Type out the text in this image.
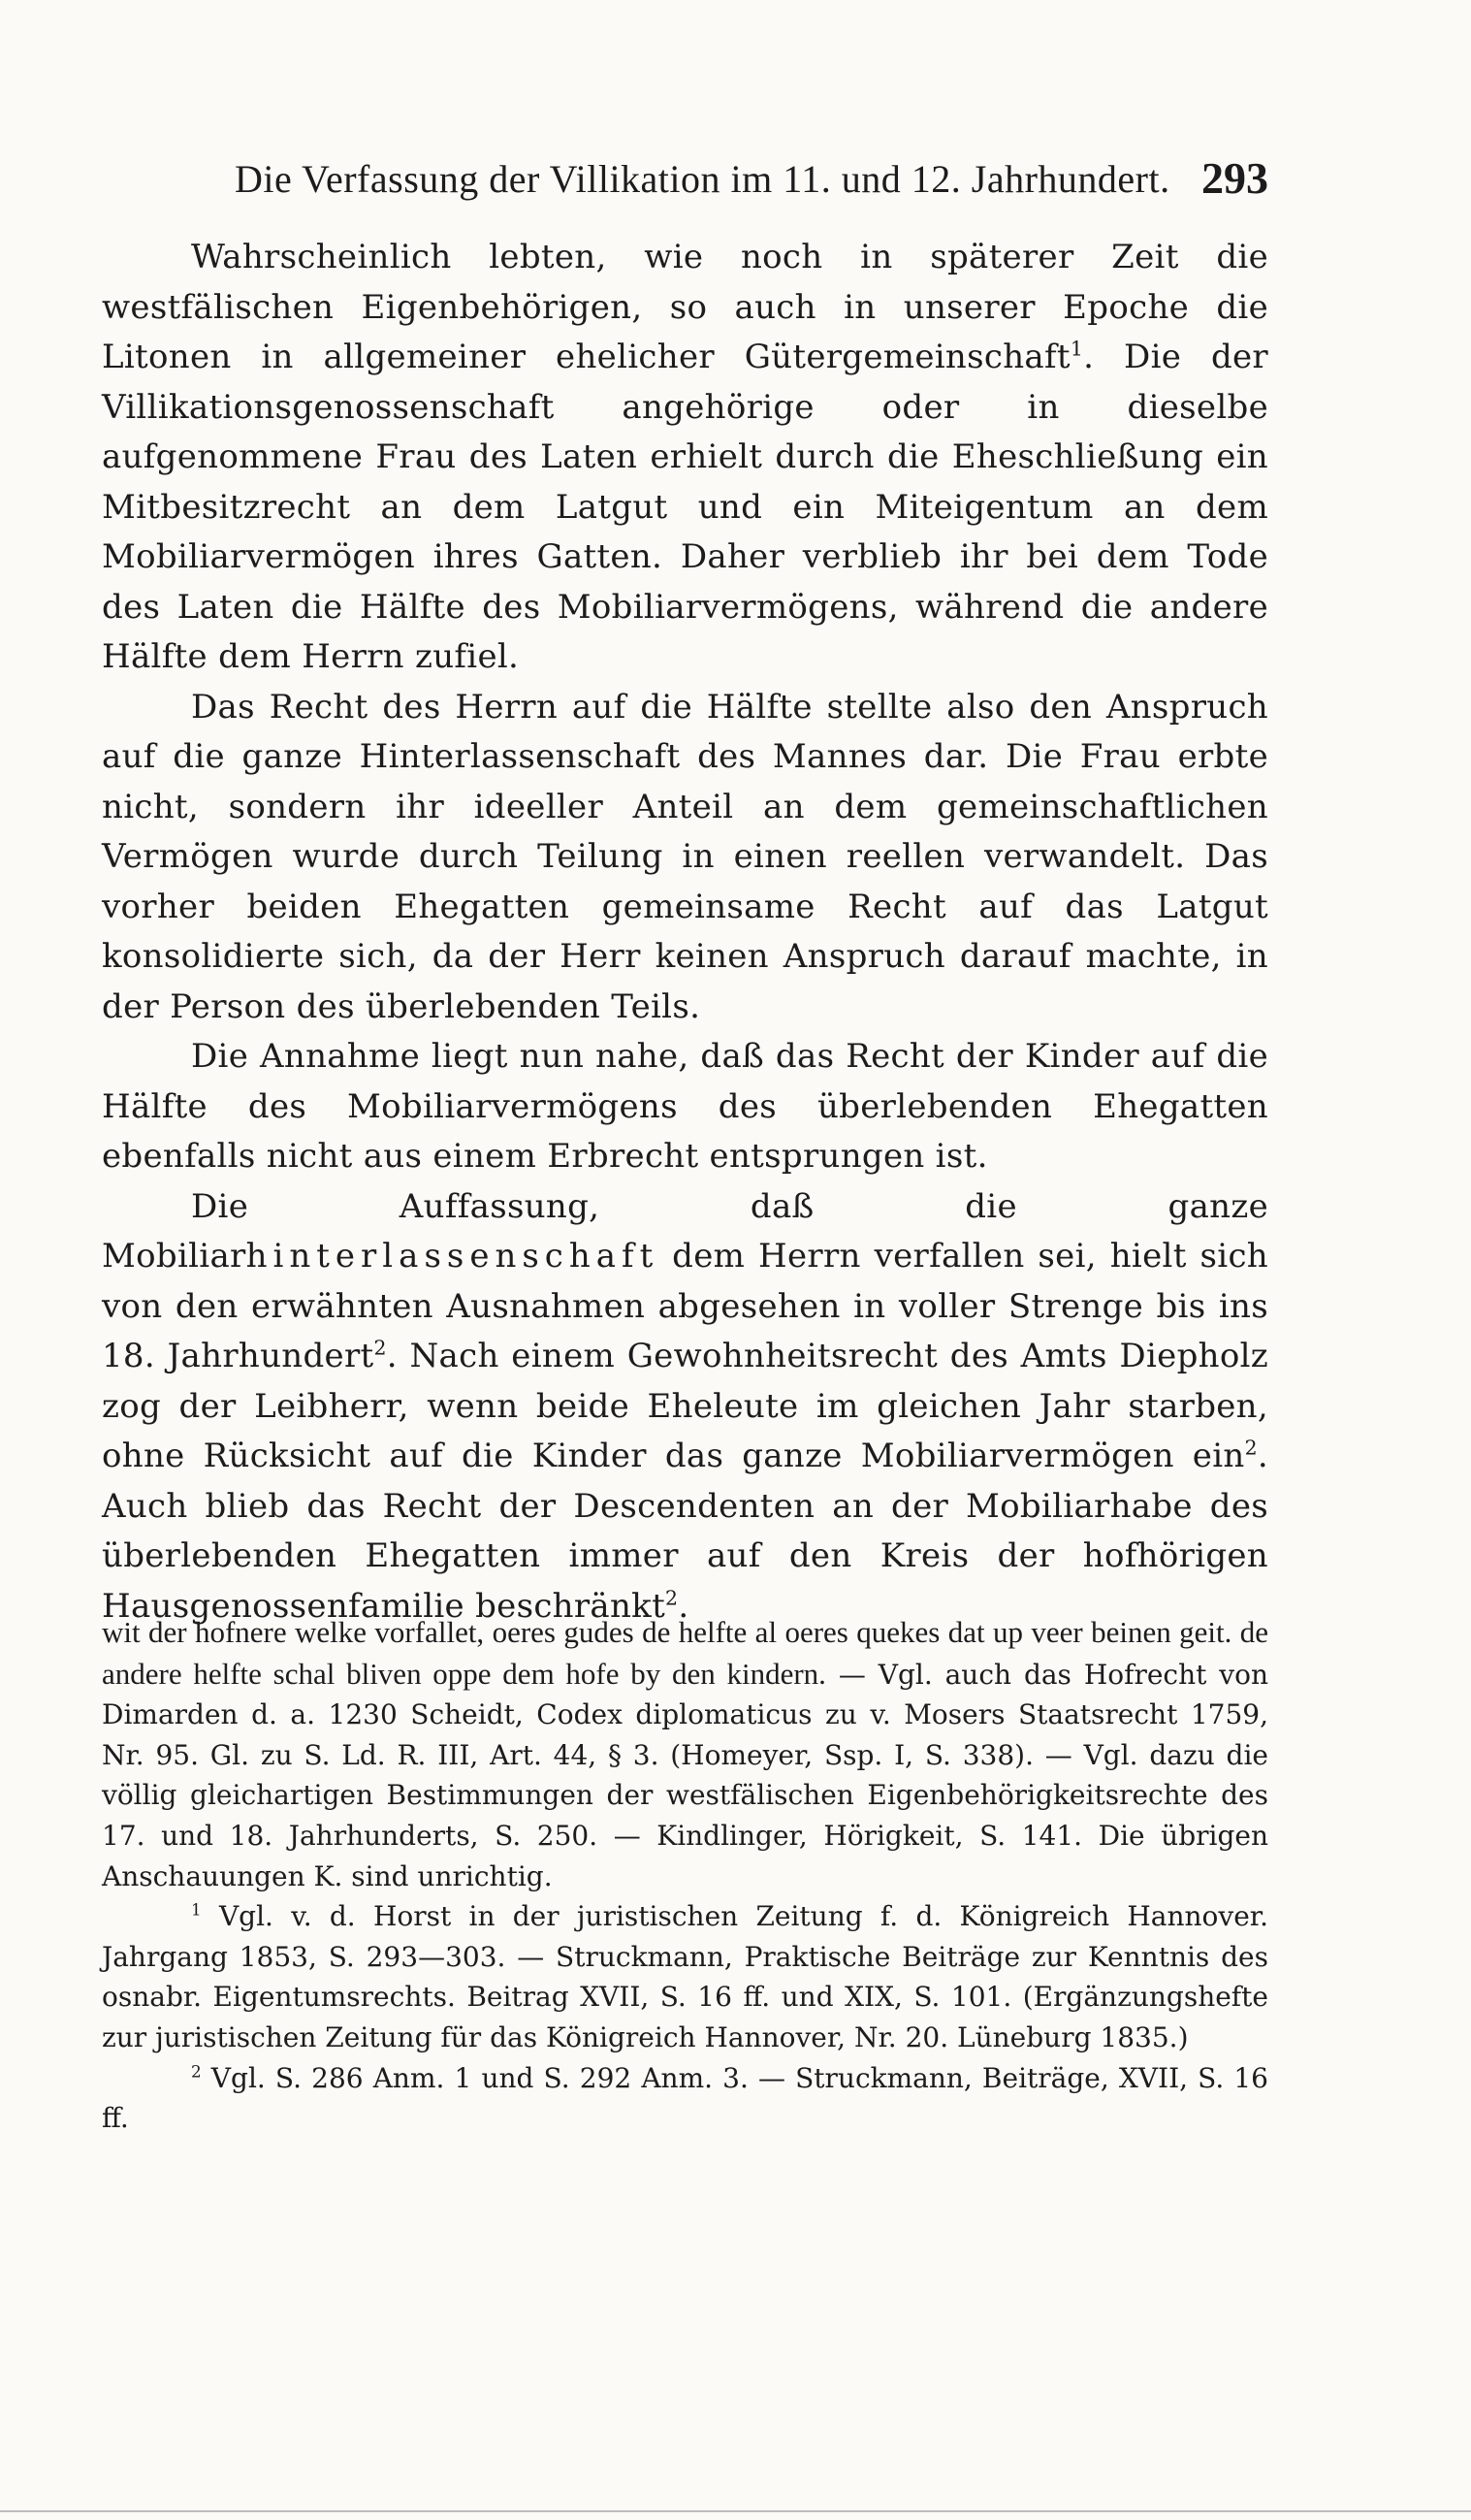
Die Verfassung der Villikation im 11. und 12. Jahrhundert. 293

Wahrscheinlich lebten, wie noch in späterer Zeit die westfälischen Eigenbehörigen, so auch in unserer Epoche die Litonen in allgemeiner ehelicher Gütergemeinschaft$^1$. Die der Villikationsgenossenschaft angehörige oder in dieselbe aufgenommene Frau des Laten erhielt durch die Eheschließung ein Mitbesitzrecht an dem Latgut und ein Miteigentum an dem Mobiliarvermögen ihres Gatten. Daher verblieb ihr bei dem Tode des Laten die Hälfte des Mobiliarvermögens, während die andere Hälfte dem Herrn zufiel.

Das Recht des Herrn auf die Hälfte stellte also den Anspruch auf die ganze Hinterlassenschaft des Mannes dar. Die Frau erbte nicht, sondern ihr ideeller Anteil an dem gemeinschaftlichen Vermögen wurde durch Teilung in einen reellen verwandelt. Das vorher beiden Ehegatten gemeinsame Recht auf das Latgut konsolidierte sich, da der Herr keinen Anspruch darauf machte, in der Person des überlebenden Teils.

Die Annahme liegt nun nahe, daß das Recht der Kinder auf die Hälfte des Mobiliarvermögens des überlebenden Ehegatten ebenfalls nicht aus einem Erbrecht entsprungen ist.

Die Auffassung, daß die ganze Mobiliarhinterlassenschaft dem Herrn verfallen sei, hielt sich von den erwähnten Ausnahmen abgesehen in voller Strenge bis ins 18. Jahrhundert$^2$. Nach einem Gewohnheitsrecht des Amts Diepholz zog der Leibherr, wenn beide Eheleute im gleichen Jahr starben, ohne Rücksicht auf die Kinder das ganze Mobiliarvermögen ein$^2$. Auch blieb das Recht der Descendenten an der Mobiliarhabe des überlebenden Ehegatten immer auf den Kreis der hofhörigen Hausgenossenfamilie beschränkt$^2$.

wit der hofnere welke vorfallet, oeres gudes de helfte al oeres quekes dat up veer beinen geit. de andere helfte schal bliven oppe dem hofe by den kindern. — Vgl. auch das Hofrecht von Dimarden d. a. 1230 Scheidt, Codex diplomaticus zu v. Mosers Staatsrecht 1759, Nr. 95. Gl. zu S. Ld. R. III, Art. 44, § 3. (Homeyer, Ssp. I, S. 338). — Vgl. dazu die völlig gleichartigen Bestimmungen der westfälischen Eigenbehörigkeitsrechte des 17. und 18. Jahrhunderts, S. 250. — Kindlinger, Hörigkeit, S. 141. Die übrigen Anschauungen K. sind unrichtig.

$^1$ Vgl. v. d. Horst in der juristischen Zeitung f. d. Königreich Hannover. Jahrgang 1853, S. 293—303. — Struckmann, Praktische Beiträge zur Kenntnis des osnabr. Eigentumsrechts. Beitrag XVII, S. 16 ff. und XIX, S. 101. (Ergänzungshefte zur juristischen Zeitung für das Königreich Hannover, Nr. 20. Lüneburg 1835.)

$^2$ Vgl. S. 286 Anm. 1 und S. 292 Anm. 3. — Struckmann, Beiträge, XVII, S. 16 ff.
